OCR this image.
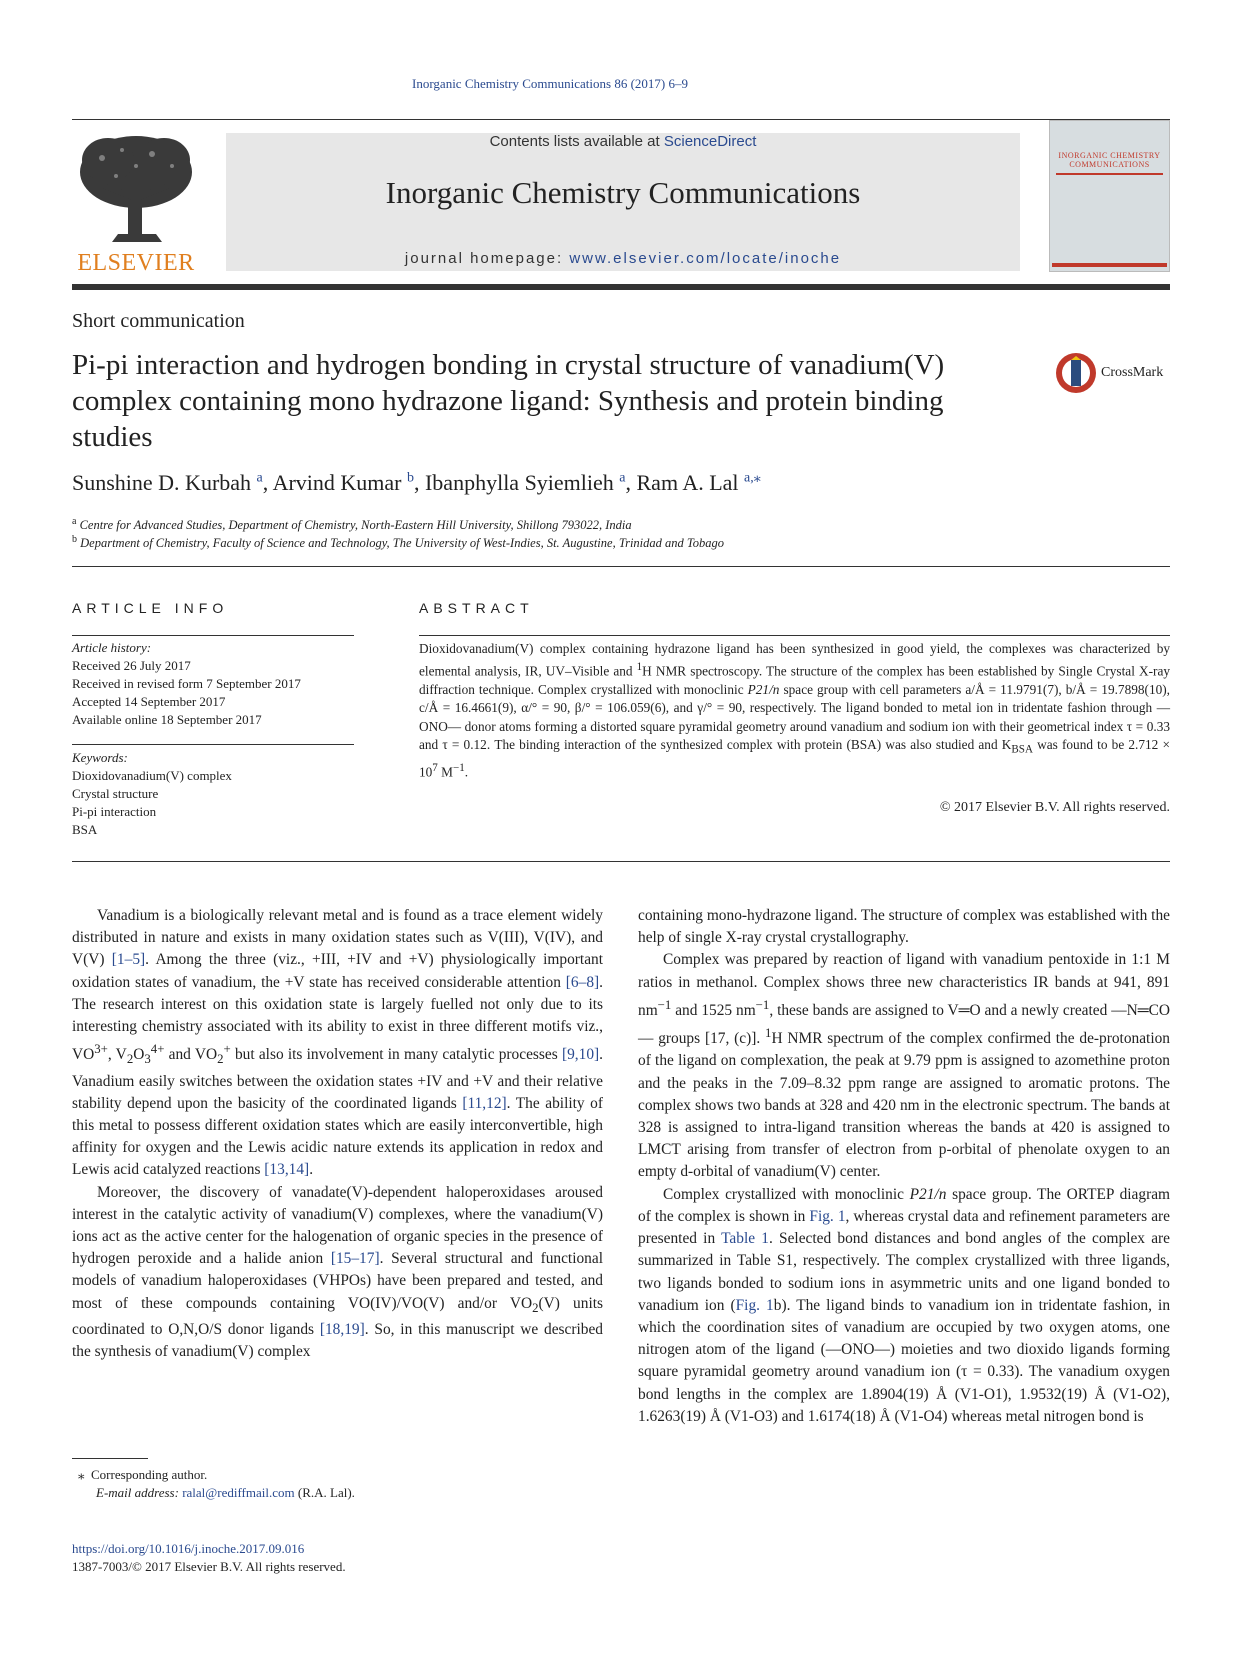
Inorganic Chemistry Communications 86 (2017) 6–9
ELSEVIER
Contents lists available at ScienceDirect
Inorganic Chemistry Communications
journal homepage: www.elsevier.com/locate/inoche
INORGANIC CHEMISTRY COMMUNICATIONS
Short communication
Pi-pi interaction and hydrogen bonding in crystal structure of vanadium(V) complex containing mono hydrazone ligand: Synthesis and protein binding studies
CrossMark
Sunshine D. Kurbah $^a$, Arvind Kumar $^b$, Ibanphylla Syiemlieh $^a$, Ram A. Lal $^{a,⁎}$
$^a$ Centre for Advanced Studies, Department of Chemistry, North-Eastern Hill University, Shillong 793022, India
$^b$ Department of Chemistry, Faculty of Science and Technology, The University of West-Indies, St. Augustine, Trinidad and Tobago
ARTICLE INFO
Article history:
Received 26 July 2017
Received in revised form 7 September 2017
Accepted 14 September 2017
Available online 18 September 2017
Keywords:
Dioxidovanadium(V) complex
Crystal structure
Pi-pi interaction
BSA
ABSTRACT
Dioxidovanadium(V) complex containing hydrazone ligand has been synthesized in good yield, the complexes was characterized by elemental analysis, IR, UV–Visible and $^1$H NMR spectroscopy. The structure of the complex has been established by Single Crystal X-ray diffraction technique. Complex crystallized with monoclinic P21/n space group with cell parameters a/Å = 11.9791(7), b/Å = 19.7898(10), c/Å = 16.4661(9), α/° = 90, β/° = 106.059(6), and γ/° = 90, respectively. The ligand bonded to metal ion in tridentate fashion through —ONO— donor atoms forming a distorted square pyramidal geometry around vanadium and sodium ion with their geometrical index τ = 0.33 and τ = 0.12. The binding interaction of the synthesized complex with protein (BSA) was also studied and $K_{BSA}$ was found to be $2.712 \times 10^7$ $M^{-1}$.
© 2017 Elsevier B.V. All rights reserved.

Vanadium is a biologically relevant metal and is found as a trace element widely distributed in nature and exists in many oxidation states such as V(III), V(IV), and V(V) [1–5]. Among the three (viz., +III, +IV and +V) physiologically important oxidation states of vanadium, the +V state has received considerable attention [6–8]. The research interest on this oxidation state is largely fuelled not only due to its interesting chemistry associated with its ability to exist in three different motifs viz., $VO^{3+}$, $V_2O_3^{4+}$ and $VO_2^+$ but also its involvement in many catalytic processes [9,10]. Vanadium easily switches between the oxidation states +IV and +V and their relative stability depend upon the basicity of the coordinated ligands [11,12]. The ability of this metal to possess different oxidation states which are easily interconvertible, high affinity for oxygen and the Lewis acidic nature extends its application in redox and Lewis acid catalyzed reactions [13,14].

Moreover, the discovery of vanadate(V)-dependent haloperoxidases aroused interest in the catalytic activity of vanadium(V) complexes, where the vanadium(V) ions act as the active center for the halogenation of organic species in the presence of hydrogen peroxide and a halide anion [15–17]. Several structural and functional models of vanadium haloperoxidases (VHPOs) have been prepared and tested, and most of these compounds containing VO(IV)/VO(V) and/or $VO_2(V)$ units coordinated to O,N,O/S donor ligands [18,19]. So, in this manuscript we described the synthesis of vanadium(V) complex

containing mono-hydrazone ligand. The structure of complex was established with the help of single X-ray crystal crystallography.

Complex was prepared by reaction of ligand with vanadium pentoxide in 1:1 M ratios in methanol. Complex shows three new characteristics IR bands at 941, 891 $nm^{-1}$ and 1525 $nm^{-1}$, these bands are assigned to V═O and a newly created —N═CO— groups [17, (c)]. $^1$H NMR spectrum of the complex confirmed the de-protonation of the ligand on complexation, the peak at 9.79 ppm is assigned to azomethine proton and the peaks in the 7.09–8.32 ppm range are assigned to aromatic protons. The complex shows two bands at 328 and 420 nm in the electronic spectrum. The bands at 328 is assigned to intra-ligand transition whereas the bands at 420 is assigned to LMCT arising from transfer of electron from p-orbital of phenolate oxygen to an empty d-orbital of vanadium(V) center.

Complex crystallized with monoclinic P21/n space group. The ORTEP diagram of the complex is shown in Fig. 1, whereas crystal data and refinement parameters are presented in Table 1. Selected bond distances and bond angles of the complex are summarized in Table S1, respectively. The complex crystallized with three ligands, two ligands bonded to sodium ions in asymmetric units and one ligand bonded to vanadium ion (Fig. 1b). The ligand binds to vanadium ion in tridentate fashion, in which the coordination sites of vanadium are occupied by two oxygen atoms, one nitrogen atom of the ligand (—ONO—) moieties and two dioxido ligands forming square pyramidal geometry around vanadium ion (τ = 0.33). The vanadium oxygen bond lengths in the complex are 1.8904(19) Å (V1-O1), 1.9532(19) Å (V1-O2), 1.6263(19) Å (V1-O3) and 1.6174(18) Å (V1-O4) whereas metal nitrogen bond is

⁎ Corresponding author.
E-mail address: ralal@rediffmail.com (R.A. Lal).
https://doi.org/10.1016/j.inoche.2017.09.016
1387-7003/© 2017 Elsevier B.V. All rights reserved.
